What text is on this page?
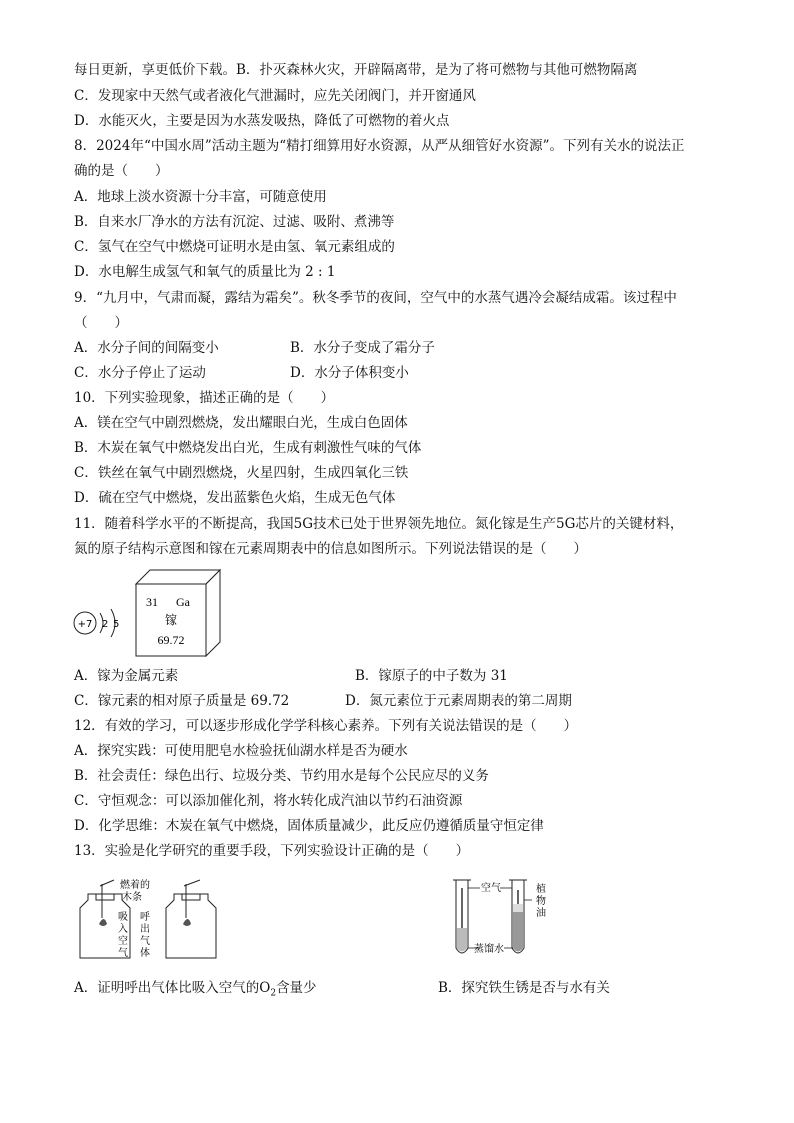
每日更新，享更低价下载。B．扑灭森林火灾，开辟隔离带，是为了将可燃物与其他可燃物隔离
C．发现家中天然气或者液化气泄漏时，应先关闭阀门，并开窗通风
D．水能灭火，主要是因为水蒸发吸热，降低了可燃物的着火点
8．2024年“中国水周”活动主题为“精打细算用好水资源，从严从细管好水资源”。下列有关水的说法正
确的是（　　）
A．地球上淡水资源十分丰富，可随意使用
B．自来水厂净水的方法有沉淀、过滤、吸附、煮沸等
C．氢气在空气中燃烧可证明水是由氢、氧元素组成的
D．水电解生成氢气和氧气的质量比为 2 : 1
9．“九月中，气肃而凝，露结为霜矣”。秋冬季节的夜间，空气中的水蒸气遇冷会凝结成霜。该过程中
（　　）
A．水分子间的间隔变小	B．水分子变成了霜分子
C．水分子停止了运动	D．水分子体积变小
10．下列实验现象，描述正确的是（　　）
A．镁在空气中剧烈燃烧，发出耀眼白光，生成白色固体
B．木炭在氧气中燃烧发出白光，生成有刺激性气味的气体
C．铁丝在氧气中剧烈燃烧，火星四射，生成四氧化三铁
D．硫在空气中燃烧，发出蓝紫色火焰，生成无色气体
11．随着科学水平的不断提高，我国5G技术已处于世界领先地位。氮化镓是生产5G芯片的关键材料，
氮的原子结构示意图和镓在元素周期表中的信息如图所示。下列说法错误的是（　　）
+7 2 5
31 Ga
镓
69.72
A．镓为金属元素	B．镓原子的中子数为 31
C．镓元素的相对原子质量是 69.72	D．氮元素位于元素周期表的第二周期
12．有效的学习，可以逐步形成化学学科核心素养。下列有关说法错误的是（　　）
A．探究实践：可使用肥皂水检验抚仙湖水样是否为硬水
B．社会责任：绿色出行、垃圾分类、节约用水是每个公民应尽的义务
C．守恒观念：可以添加催化剂，将水转化成汽油以节约石油资源
D．化学思维：木炭在氧气中燃烧，固体质量减少，此反应仍遵循质量守恒定律
13．实验是化学研究的重要手段，下列实验设计正确的是（　　）
燃着的
木条
吸
入
空
气
呼
出
气
体
空气	植
物
油
蒸馏水
A．证明呼出气体比吸入空气的$O_2$含量少	B．探究铁生锈是否与水有关
